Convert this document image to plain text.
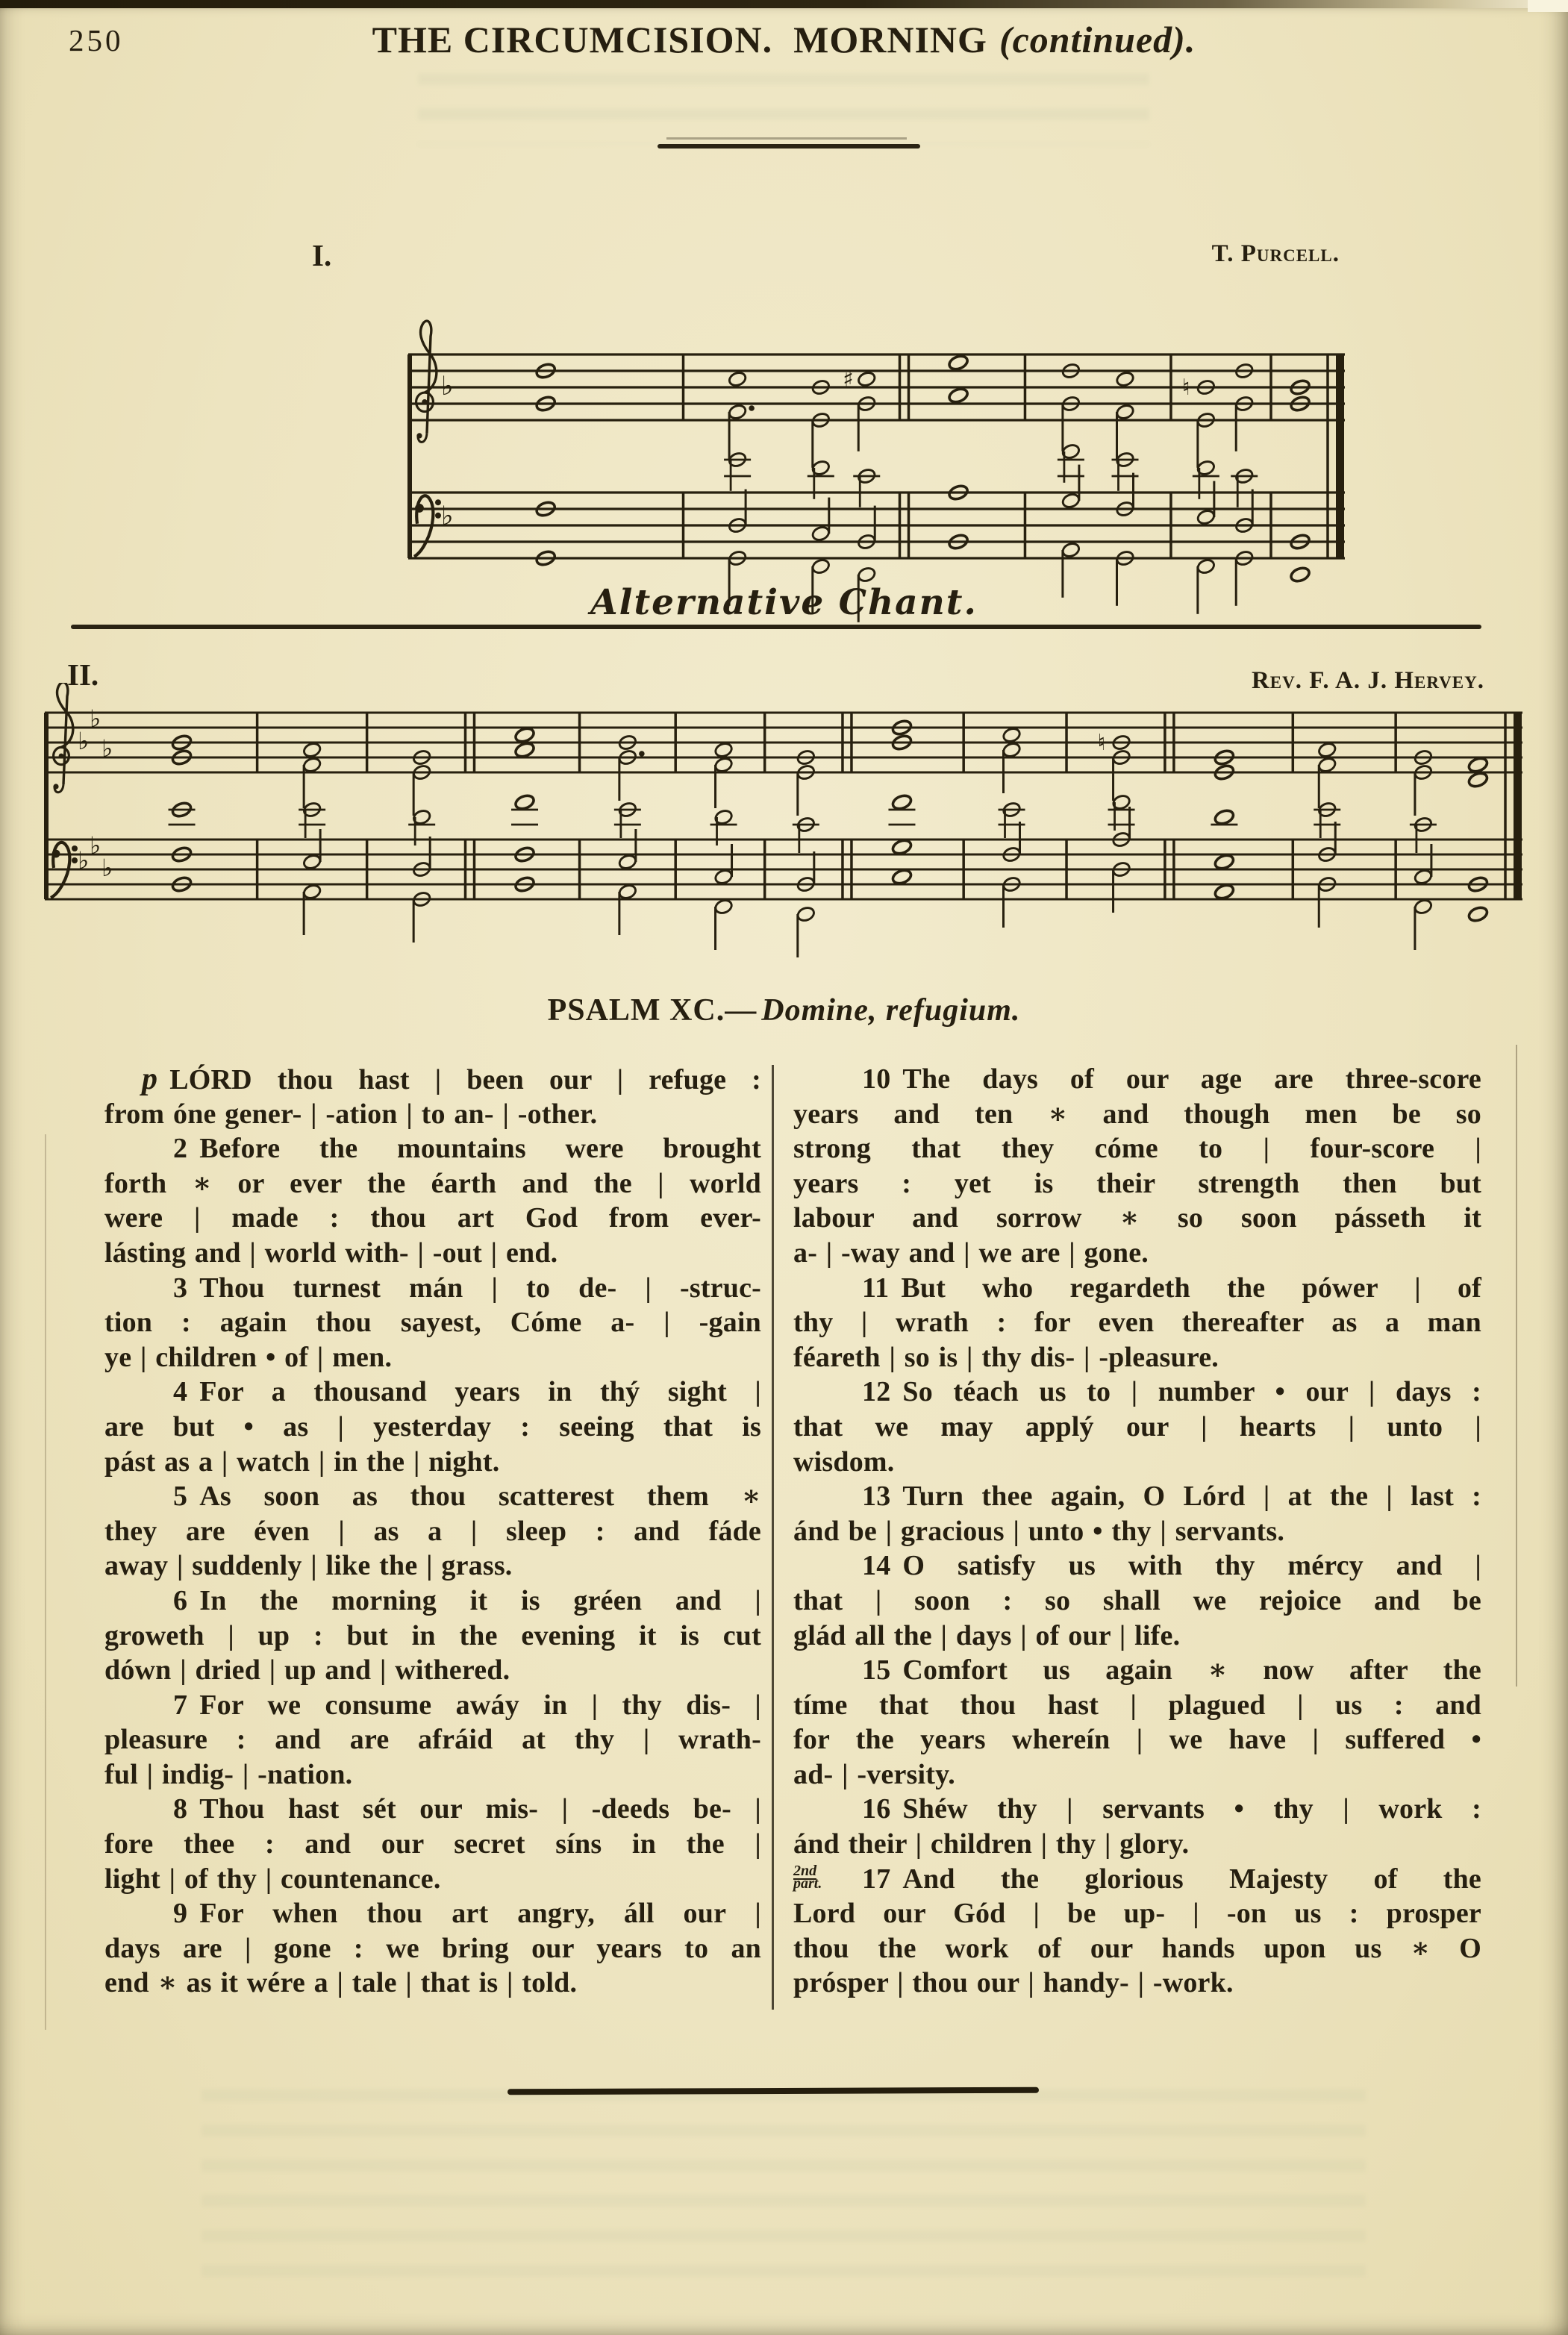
250	THE CIRCUMCISION. MORNING (continued).
I.	T. Purcell.
♭
♭
♯	♮
Alternative Chant.
II.	Rev. F. A. J. Hervey.
♭
♭
♭
♭
♭
♭
♮
PSALM XC.— Domine, refugium.
p LÓRD thou hast | been our | refuge :
from óne gener- | -ation | to an- | -other.
2 Before the mountains were brought
forth ∗ or ever the éarth and the | world
were | made : thou art God from ever-
lásting and | world with- | -out | end.
3 Thou turnest mán | to de- | -struc-
tion : again thou sayest, Cóme a- | -gain
ye | children • of | men.
4 For a thousand years in thý sight |
are but • as | yesterday : seeing that is
pást as a | watch | in the | night.
5 As soon as thou scatterest them ∗
they are éven | as a | sleep : and fáde
away | suddenly | like the | grass.
6 In the morning it is gréen and |
groweth | up : but in the evening it is cut
dówn | dried | up and | withered.
7 For we consume awáy in | thy dis- |
pleasure : and are afráid at thy | wrath-
ful | indig- | -nation.
8 Thou hast sét our mis- | -deeds be- |
fore thee : and our secret síns in the |
light | of thy | countenance.
9 For when thou art angry, áll our |
days are | gone : we bring our years to an
end ∗ as it wére a | tale | that is | told.
10 The days of our age are three-score
years and ten ∗ and though men be so
strong that they cóme to | four-score |
years : yet is their strength then but
labour and sorrow ∗ so soon pásseth it
a- | -way and | we are | gone.
11 But who regardeth the pówer | of
thy | wrath : for even thereafter as a man
féareth | so is | thy dis- | -pleasure.
12 So téach us to | number • our | days :
that we may applý our | hearts | unto |
wisdom.
13 Turn thee again, O Lórd | at the | last :
ánd be | gracious | unto • thy | servants.
14 O satisfy us with thy mércy and |
that | soon : so shall we rejoice and be
glád all the | days | of our | life.
15 Comfort us again ∗ now after the
tíme that thou hast | plagued | us : and
for the years whereín | we have | suffered •
ad- | -versity.
16 Shéw thy | servants • thy | work :
ánd their | children | thy | glory.
2nd
part.	17 And the glorious Majesty of the
Lord our Gód | be up- | -on us : prosper
thou the work of our hands upon us ∗ O
prósper | thou our | handy- | -work.
